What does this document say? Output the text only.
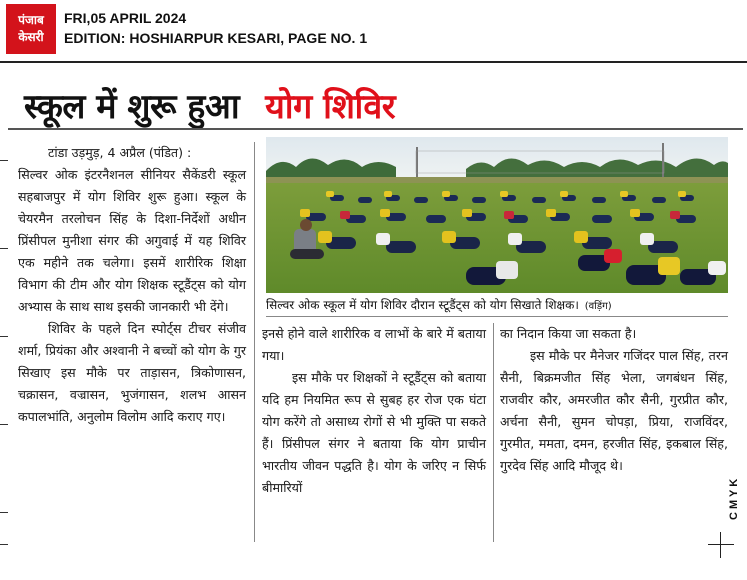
पंजाब
केसरी
FRI,05 APRIL 2024
EDITION: HOSHIARPUR KESARI, PAGE NO. 1
स्कूल में शुरू हुआ योग शिविर

टांडा उड़मुड़, 4 अप्रैल (पंडित) :

सिल्वर ओक इंटरनैशनल सीनियर सैकेंडरी स्कूल सहबाजपुर में योग शिविर शुरू हुआ। स्कूल के चेयरमैन तरलोचन सिंह के दिशा-निर्देशों अधीन प्रिंसीपल मुनीशा संगर की अगुवाई में यह शिविर एक महीने तक चलेगा। इसमें शारीरिक शिक्षा विभाग की टीम और योग शिक्षक स्टूडैंट्स को योग अभ्यास के साथ साथ इसकी जानकारी भी देंगे।

शिविर के पहले दिन स्पोर्ट्स टीचर संजीव शर्मा, प्रियंका और अश्वानी ने बच्चों को योग के गुर सिखाए इस मौके पर ताड़ासन, त्रिकोणासन, चक्रासन, वज्रासन, भुजंगासन, शलभ आसन कपालभांति, अनुलोम विलोम आदि कराए गए।

सिल्वर ओक स्कूल में योग शिविर दौरान स्टूडैंट्स को योग सिखाते शिक्षक। (वड़िंग)

इनसे होने वाले शारीरिक व लाभों के बारे में बताया गया।

इस मौके पर शिक्षकों ने स्टूडैंट्स को बताया यदि हम नियमित रूप से सुबह हर रोज एक घंटा योग करेंगे तो असाध्य रोगों से भी मुक्ति पा सकते हैं। प्रिंसीपल संगर ने बताया कि योग प्राचीन भारतीय जीवन पद्धति है। योग के जरिए न सिर्फ बीमारियों

का निदान किया जा सकता है।

इस मौके पर मैनेजर गजिंदर पाल सिंह, तरन सैनी, बिक्रमजीत सिंह भेला, जगबंधन सिंह, राजवीर कौर, अमरजीत कौर सैनी, गुरप्रीत कौर, अर्चना सैनी, सुमन चोपड़ा, प्रिया, राजविंदर, गुरमीत, ममता, दमन, हरजीत सिंह, इकबाल सिंह, गुरदेव सिंह आदि मौजूद थे।

C M Y K
